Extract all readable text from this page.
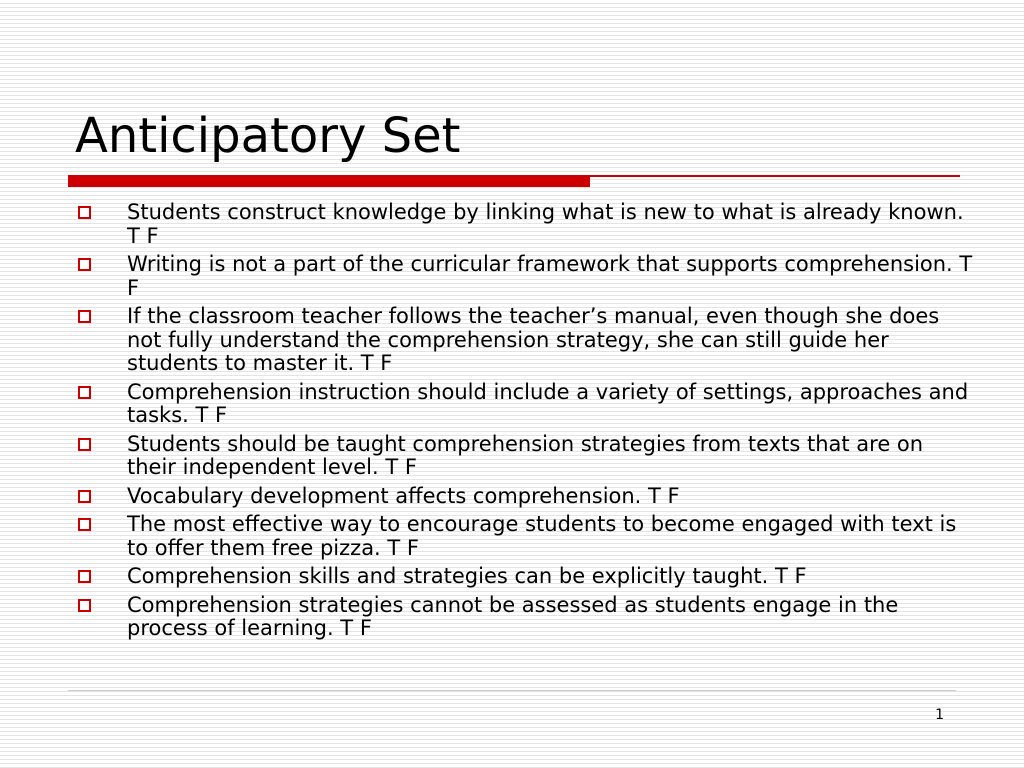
Anticipatory Set
Students construct knowledge by linking what is new to what is already known. T F
Writing is not a part of the curricular framework that supports comprehension. T F
If the classroom teacher follows the teacher’s manual, even though she does not fully understand the comprehension strategy, she can still guide her students to master it. T F
Comprehension instruction should include a variety of settings, approaches and tasks. T F
Students should be taught comprehension strategies from texts that are on their independent level. T F
Vocabulary development affects comprehension. T F
The most effective way to encourage students to become engaged with text is to offer them free pizza. T F
Comprehension skills and strategies can be explicitly taught. T F
Comprehension strategies cannot be assessed as students engage in the process of learning. T F
1
